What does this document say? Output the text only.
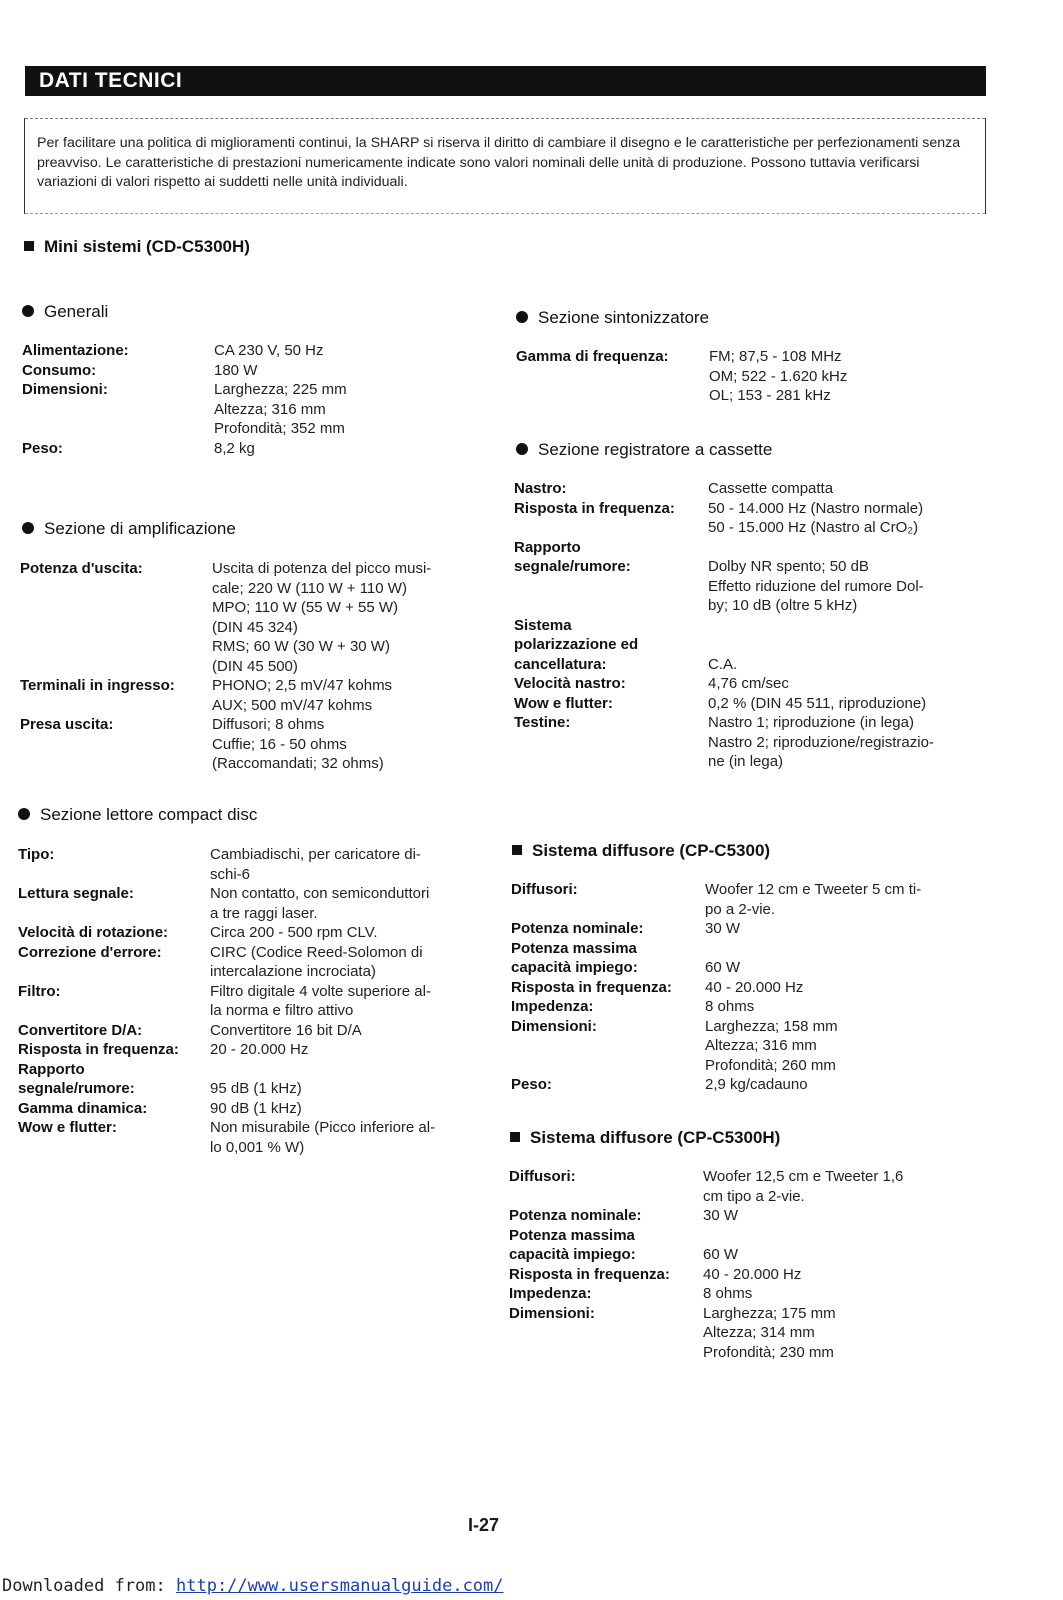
DATI TECNICI

Per facilitare una politica di miglioramenti continui, la SHARP si riserva il diritto di cambiare il disegno e le caratteristiche per perfezionamenti senza preavviso. Le caratteristiche di prestazioni numericamente indicate sono valori nominali delle unità di produzione. Possono tuttavia verificarsi variazioni di valori rispetto ai suddetti nelle unità individuali.

Mini sistemi (CD-C5300H)
Generali
Alimentazione:	CA 230 V, 50 Hz
Consumo:	180 W
Dimensioni:	Larghezza; 225 mm
Altezza; 316 mm
Profondità; 352 mm
Peso:	8,2 kg
Sezione di amplificazione
Potenza d'uscita:	Uscita di potenza del picco musi-
cale; 220 W (110 W + 110 W)
MPO; 110 W (55 W + 55 W)
(DIN 45 324)
RMS; 60 W (30 W + 30 W)
(DIN 45 500)
Terminali in ingresso:	PHONO; 2,5 mV/47 kohms
AUX; 500 mV/47 kohms
Presa uscita:	Diffusori; 8 ohms
Cuffie; 16 - 50 ohms
(Raccomandati; 32 ohms)
Sezione lettore compact disc
Tipo:	Cambiadischi, per caricatore di-
schi-6
Lettura segnale:	Non contatto, con semiconduttori
a tre raggi laser.
Velocità di rotazione:	Circa 200 - 500 rpm CLV.
Correzione d'errore:	CIRC (Codice Reed-Solomon di
intercalazione incrociata)
Filtro:	Filtro digitale 4 volte superiore al-
la norma e filtro attivo
Convertitore D/A:	Convertitore 16 bit D/A
Risposta in frequenza:	20 - 20.000 Hz
Rapporto
segnale/rumore:	
95 dB (1 kHz)
Gamma dinamica:	90 dB (1 kHz)
Wow e flutter:	Non misurabile (Picco inferiore al-
lo 0,001 % W)
Sezione sintonizzatore
Gamma di frequenza:	FM; 87,5 - 108 MHz
OM; 522 - 1.620 kHz
OL; 153 - 281 kHz
Sezione registratore a cassette
Nastro:	Cassette compatta
Risposta in frequenza:	50 - 14.000 Hz (Nastro normale)
50 - 15.000 Hz (Nastro al CrO₂)
Rapporto
segnale/rumore:	
Dolby NR spento; 50 dB
Effetto riduzione del rumore Dol-
by; 10 dB (oltre 5 kHz)
Sistema
polarizzazione ed
cancellatura:	

C.A.
Velocità nastro:	4,76 cm/sec
Wow e flutter:	0,2 % (DIN 45 511, riproduzione)
Testine:	Nastro 1; riproduzione (in lega)
Nastro 2; riproduzione/registrazio-
ne (in lega)
Sistema diffusore (CP-C5300)
Diffusori:	Woofer 12 cm e Tweeter 5 cm ti-
po a 2-vie.
Potenza nominale:	30 W
Potenza massima
capacità impiego:	
60 W
Risposta in frequenza:	40 - 20.000 Hz
Impedenza:	8 ohms
Dimensioni:	Larghezza; 158 mm
Altezza; 316 mm
Profondità; 260 mm
Peso:	2,9 kg/cadauno
Sistema diffusore (CP-C5300H)
Diffusori:	Woofer 12,5 cm e Tweeter 1,6
cm tipo a 2-vie.
Potenza nominale:	30 W
Potenza massima
capacità impiego:	
60 W
Risposta in frequenza:	40 - 20.000 Hz
Impedenza:	8 ohms
Dimensioni:	Larghezza; 175 mm
Altezza; 314 mm
Profondità; 230 mm
I-27
Downloaded from: http://www.usersmanualguide.com/
